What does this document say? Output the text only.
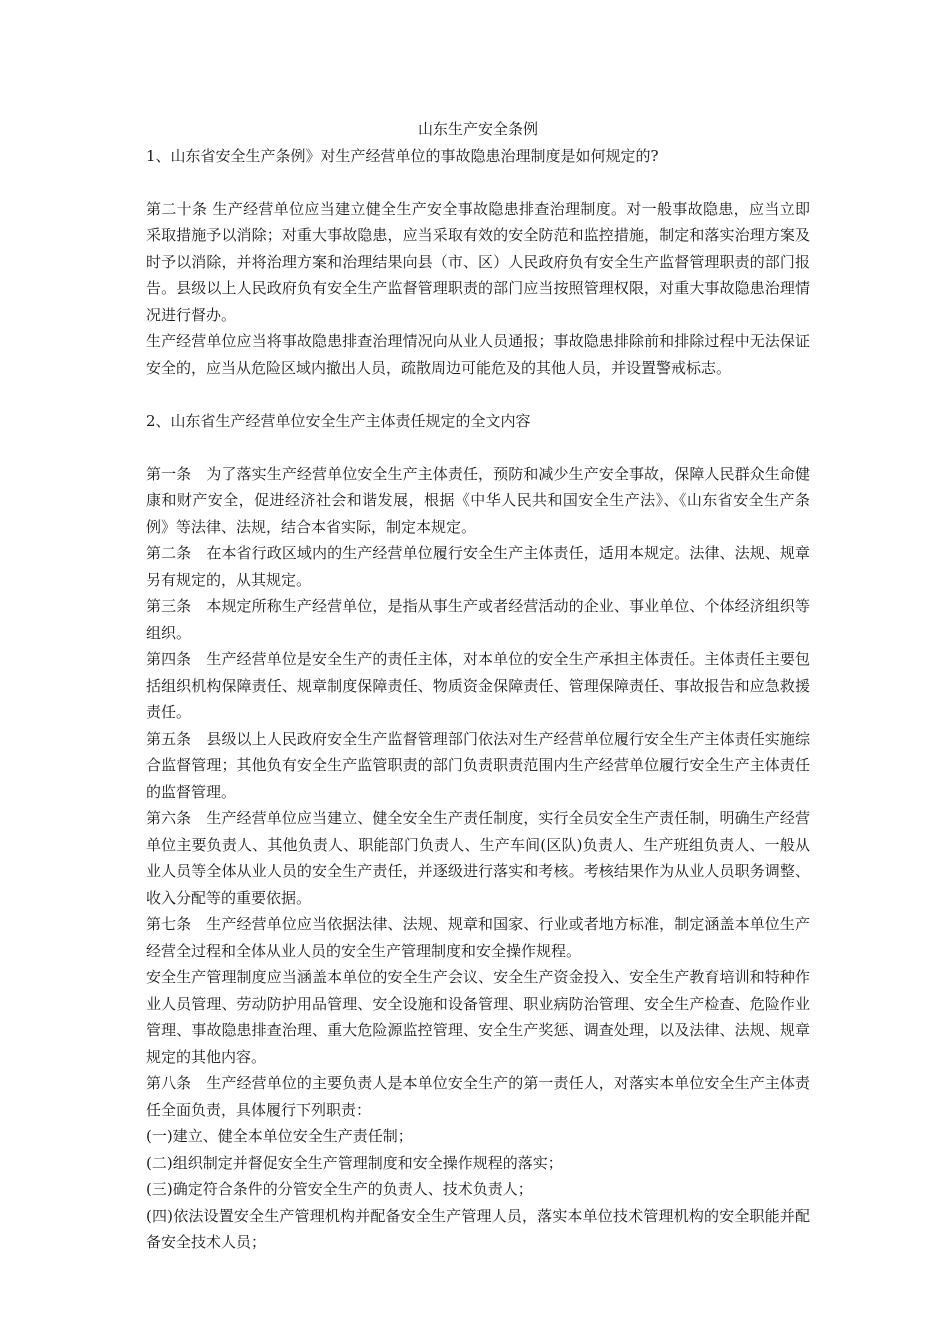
山东生产安全条例

1、山东省安全生产条例》对生产经营单位的事故隐患治理制度是如何规定的?

第二十条 生产经营单位应当建立健全生产安全事故隐患排查治理制度。对一般事故隐患，应当立即采取措施予以消除；对重大事故隐患，应当采取有效的安全防范和监控措施，制定和落实治理方案及时予以消除，并将治理方案和治理结果向县（市、区）人民政府负有安全生产监督管理职责的部门报告。县级以上人民政府负有安全生产监督管理职责的部门应当按照管理权限，对重大事故隐患治理情况进行督办。

生产经营单位应当将事故隐患排查治理情况向从业人员通报；事故隐患排除前和排除过程中无法保证安全的，应当从危险区域内撤出人员，疏散周边可能危及的其他人员，并设置警戒标志。

2、山东省生产经营单位安全生产主体责任规定的全文内容

第一条　为了落实生产经营单位安全生产主体责任，预防和减少生产安全事故，保障人民群众生命健康和财产安全，促进经济社会和谐发展，根据《中华人民共和国安全生产法》、《山东省安全生产条例》等法律、法规，结合本省实际，制定本规定。

第二条　在本省行政区域内的生产经营单位履行安全生产主体责任，适用本规定。法律、法规、规章另有规定的，从其规定。

第三条　本规定所称生产经营单位，是指从事生产或者经营活动的企业、事业单位、个体经济组织等组织。

第四条　生产经营单位是安全生产的责任主体，对本单位的安全生产承担主体责任。主体责任主要包括组织机构保障责任、规章制度保障责任、物质资金保障责任、管理保障责任、事故报告和应急救援责任。

第五条　县级以上人民政府安全生产监督管理部门依法对生产经营单位履行安全生产主体责任实施综合监督管理；其他负有安全生产监管职责的部门负责职责范围内生产经营单位履行安全生产主体责任的监督管理。

第六条　生产经营单位应当建立、健全安全生产责任制度，实行全员安全生产责任制，明确生产经营单位主要负责人、其他负责人、职能部门负责人、生产车间(区队)负责人、生产班组负责人、一般从业人员等全体从业人员的安全生产责任，并逐级进行落实和考核。考核结果作为从业人员职务调整、收入分配等的重要依据。

第七条　生产经营单位应当依据法律、法规、规章和国家、行业或者地方标准，制定涵盖本单位生产经营全过程和全体从业人员的安全生产管理制度和安全操作规程。

安全生产管理制度应当涵盖本单位的安全生产会议、安全生产资金投入、安全生产教育培训和特种作业人员管理、劳动防护用品管理、安全设施和设备管理、职业病防治管理、安全生产检查、危险作业管理、事故隐患排查治理、重大危险源监控管理、安全生产奖惩、调查处理，以及法律、法规、规章规定的其他内容。

第八条　生产经营单位的主要负责人是本单位安全生产的第一责任人，对落实本单位安全生产主体责任全面负责，具体履行下列职责：

(一)建立、健全本单位安全生产责任制；

(二)组织制定并督促安全生产管理制度和安全操作规程的落实；

(三)确定符合条件的分管安全生产的负责人、技术负责人；

(四)依法设置安全生产管理机构并配备安全生产管理人员，落实本单位技术管理机构的安全职能并配备安全技术人员；
